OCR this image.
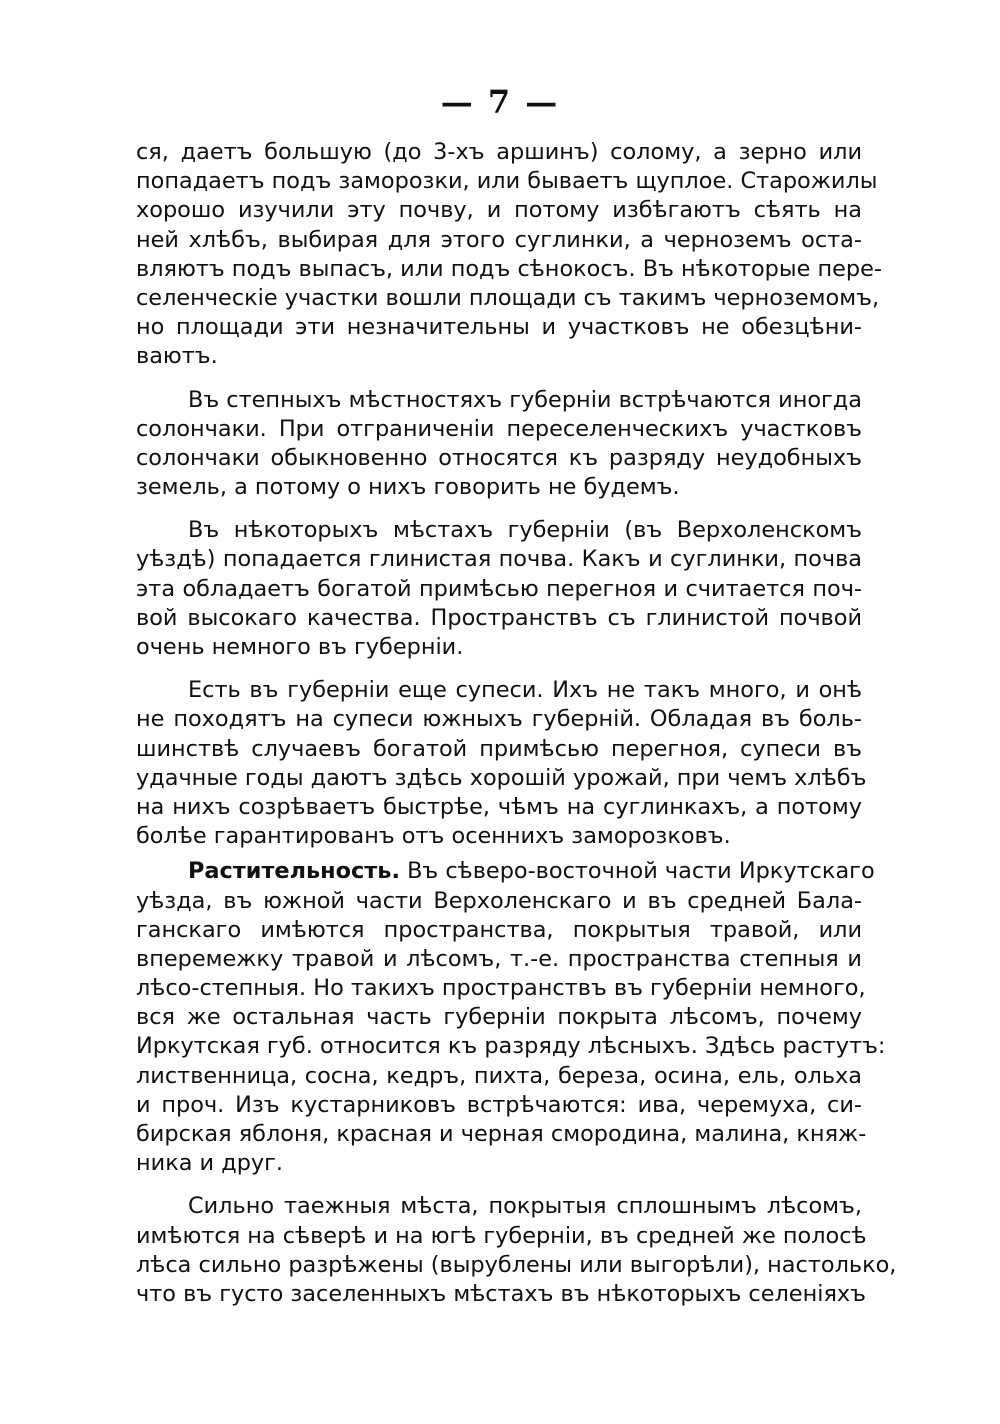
— 7 —
ся, даетъ большую (до 3-хъ аршинъ) солому, а зерно или
попадаетъ подъ заморозки, или бываетъ щуплое. Старожилы
хорошо изучили эту почву, и потому избѣгаютъ сѣять на
ней хлѣбъ, выбирая для этого суглинки, а черноземъ оста-
вляютъ подъ выпасъ, или подъ сѣнокосъ. Въ нѣкоторые пере-
селенческіе участки вошли площади съ такимъ черноземомъ,
но площади эти незначительны и участковъ не обезцѣни-
ваютъ.
Въ степныхъ мѣстностяхъ губерніи встрѣчаются иногда
солончаки. При отграниченіи переселенческихъ участковъ
солончаки обыкновенно относятся къ разряду неудобныхъ
земель, а потому о нихъ говорить не будемъ.
Въ нѣкоторыхъ мѣстахъ губерніи (въ Верхоленскомъ
уѣздѣ) попадается глинистая почва. Какъ и суглинки, почва
эта обладаетъ богатой примѣсью перегноя и считается поч-
вой высокаго качества. Пространствъ съ глинистой почвой
очень немного въ губерніи.
Есть въ губерніи еще супеси. Ихъ не такъ много, и онѣ
не походятъ на супеси южныхъ губерній. Обладая въ боль-
шинствѣ случаевъ богатой примѣсью перегноя, супеси въ
удачные годы даютъ здѣсь хорошій урожай, при чемъ хлѣбъ
на нихъ созрѣваетъ быстрѣе, чѣмъ на суглинкахъ, а потому
болѣе гарантированъ отъ осеннихъ заморозковъ.
Растительность. Въ сѣверо-восточной части Иркутскаго
уѣзда, въ южной части Верхоленскаго и въ средней Бала-
ганскаго имѣются пространства, покрытыя травой, или
вперемежку травой и лѣсомъ, т.-е. пространства степныя и
лѣсо-степныя. Но такихъ пространствъ въ губерніи немного,
вся же остальная часть губерніи покрыта лѣсомъ, почему
Иркутская губ. относится къ разряду лѣсныхъ. Здѣсь растутъ:
лиственница, сосна, кедръ, пихта, береза, осина, ель, ольха
и проч. Изъ кустарниковъ встрѣчаются: ива, черемуха, си-
бирская яблоня, красная и черная смородина, малина, княж-
ника и друг.
Сильно таежныя мѣста, покрытыя сплошнымъ лѣсомъ,
имѣются на сѣверѣ и на югѣ губерніи, въ средней же полосѣ
лѣса сильно разрѣжены (вырублены или выгорѣли), настолько,
что въ густо заселенныхъ мѣстахъ въ нѣкоторыхъ селеніяхъ
